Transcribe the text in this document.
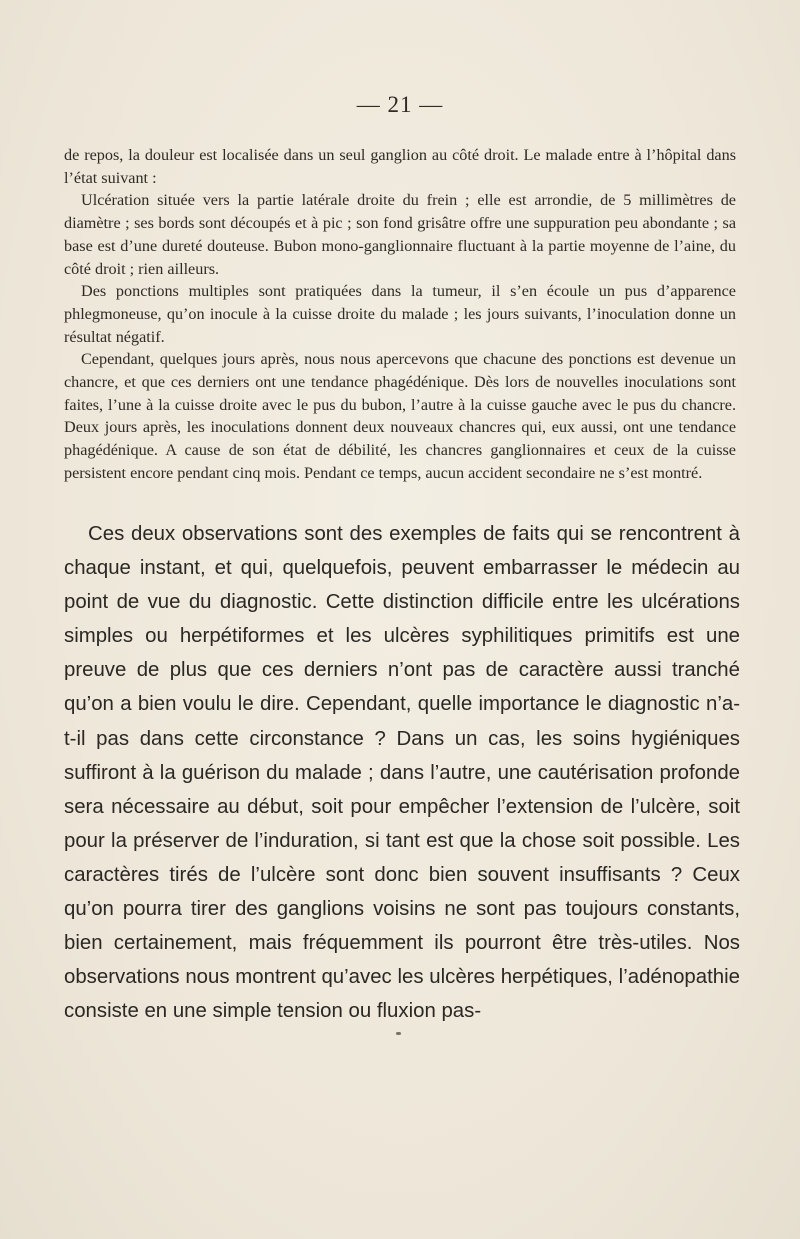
— 21 —

de repos, la douleur est localisée dans un seul ganglion au côté droit. Le malade entre à l’hôpital dans l’état suivant :

Ulcération située vers la partie latérale droite du frein ; elle est arrondie, de 5 millimètres de diamètre ; ses bords sont découpés et à pic ; son fond grisâtre offre une suppuration peu abondante ; sa base est d’une dureté douteuse. Bubon mono-ganglionnaire fluctuant à la partie moyenne de l’aine, du côté droit ; rien ailleurs.

Des ponctions multiples sont pratiquées dans la tumeur, il s’en écoule un pus d’apparence phlegmoneuse, qu’on inocule à la cuisse droite du malade ; les jours suivants, l’inoculation donne un résultat négatif.

Cependant, quelques jours après, nous nous apercevons que chacune des ponctions est devenue un chancre, et que ces derniers ont une tendance phagédénique. Dès lors de nouvelles inoculations sont faites, l’une à la cuisse droite avec le pus du bubon, l’autre à la cuisse gauche avec le pus du chancre. Deux jours après, les inoculations donnent deux nouveaux chancres qui, eux aussi, ont une tendance phagédénique. A cause de son état de débilité, les chancres ganglionnaires et ceux de la cuisse persistent encore pendant cinq mois. Pendant ce temps, aucun accident secondaire ne s’est montré.

Ces deux observations sont des exemples de faits qui se rencontrent à chaque instant, et qui, quelquefois, peuvent embarrasser le médecin au point de vue du diagnostic. Cette distinction difficile entre les ulcérations simples ou herpétiformes et les ulcères syphilitiques primitifs est une preuve de plus que ces derniers n’ont pas de caractère aussi tranché qu’on a bien voulu le dire. Cependant, quelle importance le diagnostic n’a-t-il pas dans cette circonstance ? Dans un cas, les soins hygiéniques suffiront à la guérison du malade ; dans l’autre, une cautérisation profonde sera nécessaire au début, soit pour empêcher l’extension de l’ulcère, soit pour la préserver de l’induration, si tant est que la chose soit possible. Les caractères tirés de l’ulcère sont donc bien souvent insuffisants ? Ceux qu’on pourra tirer des ganglions voisins ne sont pas toujours constants, bien certainement, mais fréquemment ils pourront être très-utiles. Nos observations nous montrent qu’avec les ulcères herpétiques, l’adénopathie consiste en une simple tension ou fluxion pas-
